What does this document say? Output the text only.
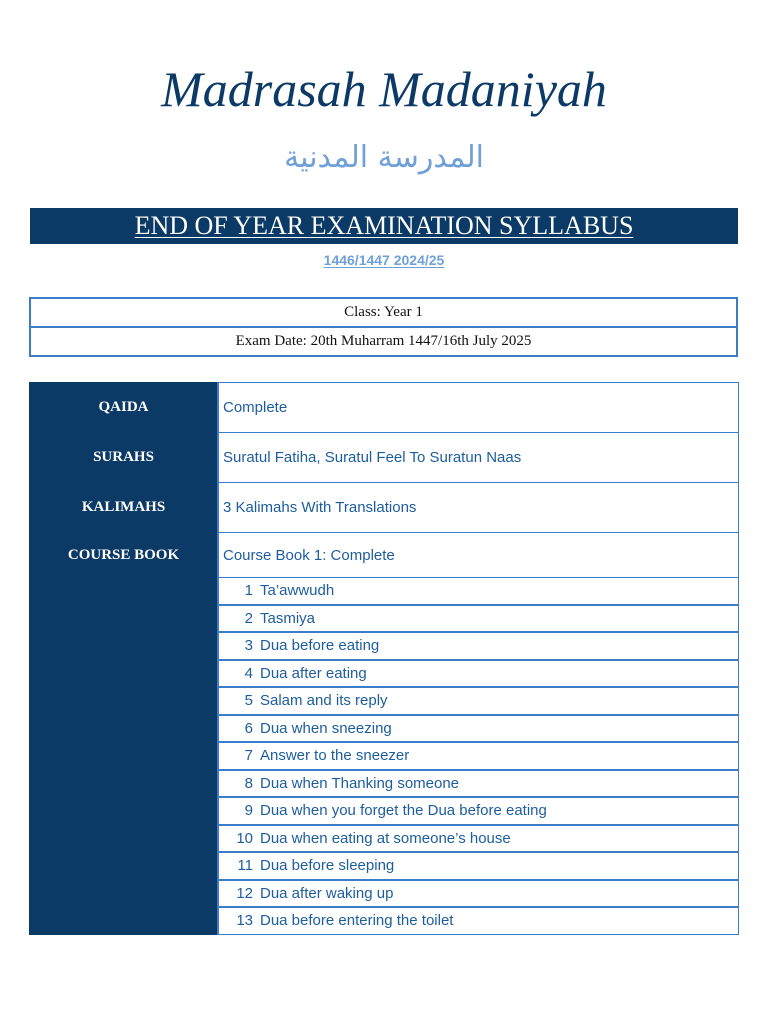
Madrasah Madaniyah
المدرسة المدنية
END OF YEAR EXAMINATION SYLLABUS
1446/1447 2024/25
Class: Year 1
Exam Date: 20th Muharram 1447/16th July 2025
QAIDA	Complete
SURAHS	Suratul Fatiha, Suratul Feel To Suratun Naas
KALIMAHS	3 Kalimahs With Translations
COURSE BOOK	Course Book 1: Complete

1	Ta’awwudh
2	Tasmiya
3	Dua before eating
4	Dua after eating
5	Salam and its reply
6	Dua when sneezing
7	Answer to the sneezer
8	Dua when Thanking someone
9	Dua when you forget the Dua before eating
10	Dua when eating at someone’s house
11	Dua before sleeping
12	Dua after waking up
13	Dua before entering the toilet
